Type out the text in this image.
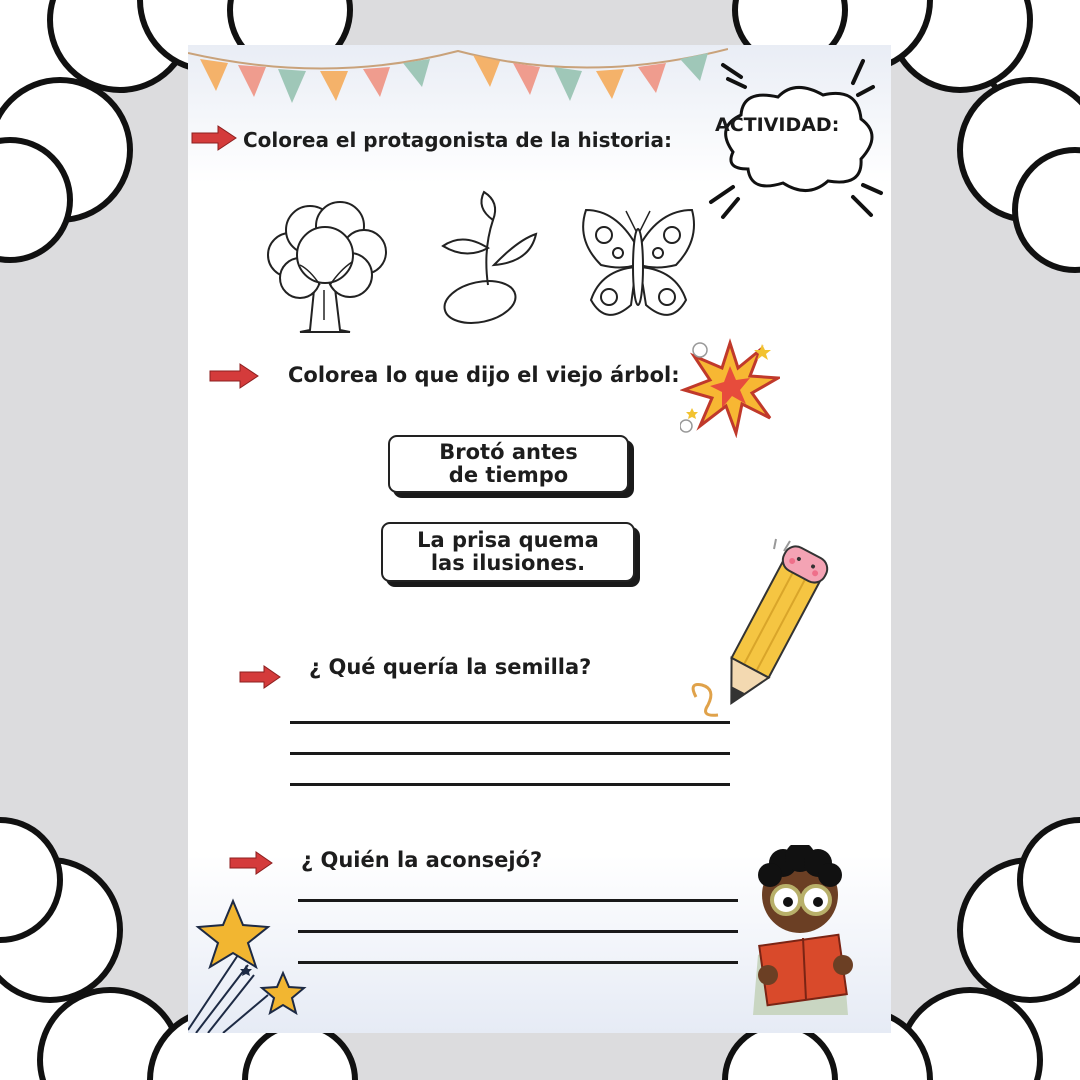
ACTIVIDAD:
Colorea el protagonista de la historia:
Colorea lo que dijo el viejo árbol:
Brotó antes
de tiempo
La prisa quema
las ilusiones.
¿ Qué quería la semilla?
¿ Quién la aconsejó?
